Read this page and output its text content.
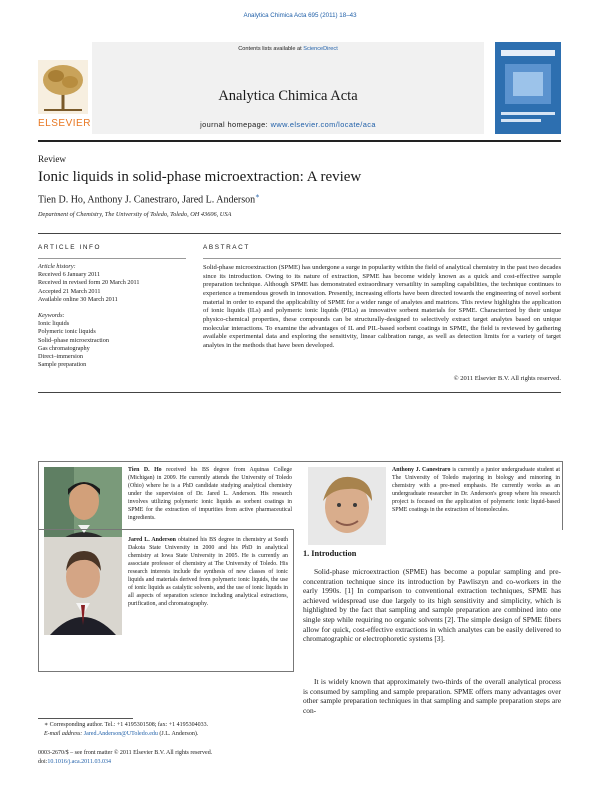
Analytica Chimica Acta 695 (2011) 18–43
Contents lists available at ScienceDirect
Analytica Chimica Acta
journal homepage: www.elsevier.com/locate/aca
ELSEVIER
Review
Ionic liquids in solid-phase microextraction: A review
Tien D. Ho, Anthony J. Canestraro, Jared L. Anderson∗
Department of Chemistry, The University of Toledo, Toledo, OH 43606, USA
ARTICLE INFO
Article history:
Received 6 January 2011
Received in revised form 20 March 2011
Accepted 21 March 2011
Available online 30 March 2011
Keywords:
Ionic liquids
Polymeric ionic liquids
Solid–phase microextraction
Gas chromatography
Direct–immersion
Sample preparation
ABSTRACT
Solid-phase microextraction (SPME) has undergone a surge in popularity within the field of analytical chemistry in the past two decades since its introduction. Owing to its nature of extraction, SPME has become widely known as a quick and cost-effective sample preparation technique. Although SPME has demonstrated extraordinary versatility in sampling capabilities, the technique continues to experience a tremendous growth in innovation. Presently, increasing efforts have been directed towards the engineering of novel sorbent material in order to expand the applicability of SPME for a wider range of analytes and matrices. This review highlights the application of ionic liquids (ILs) and polymeric ionic liquids (PILs) as innovative sorbent materials for SPME. Characterized by their unique physico-chemical properties, these compounds can be structurally-designed to selectively extract target analytes based on unique molecular interactions. To examine the advantages of IL and PIL-based sorbent coatings in SPME, the field is reviewed by gathering available experimental data and exploring the sensitivity, linear calibration range, as well as detection limits for a variety of target analytes in the methods that have been developed.
© 2011 Elsevier B.V. All rights reserved.
Tien D. Ho received his BS degree from Aquinas College (Michigan) in 2009. He currently attends the University of Toledo (Ohio) where he is a PhD candidate studying analytical chemistry under the supervision of Dr. Jared L. Anderson. His research involves utilizing polymeric ionic liquids as sorbent coatings in SPME for the extraction of impurities from active pharmaceutical ingredients.
Anthony J. Canestraro is currently a junior undergraduate student at The University of Toledo majoring in biology and minoring in chemistry with a pre-med emphasis. He currently works as an undergraduate researcher in Dr. Anderson's group where his research project is focused on the application of polymeric ionic liquid-based SPME coatings in the extraction of biomolecules.
Jared L. Anderson obtained his BS degree in chemistry at South Dakota State University in 2000 and his PhD in analytical chemistry at Iowa State University in 2005. He is currently an associate professor of chemistry at The University of Toledo. His research interests include the synthesis of new classes of ionic liquids and materials derived from polymeric ionic liquids, the use of ionic liquids as catalytic solvents, and the use of ionic liquids in all aspects of separation science including analytical extractions, purification, and chromatography.
1. Introduction
Solid-phase microextraction (SPME) has become a popular sampling and pre-concentration technique since its introduction by Pawliszyn and co-workers in the early 1990s. [1] In comparison to conventional extraction techniques, SPME has achieved widespread use due largely to its high sensitivity and simplicity, which is highlighted by the fact that sampling and sample preparation are combined into one single step while requiring no organic solvents [2]. The simple design of SPME fibers allow for quick, cost-effective extractions in which analytes can be easily delivered to chromatographic or electrophoretic systems [3].
It is widely known that approximately two-thirds of the overall analytical process is consumed by sampling and sample preparation. SPME offers many advantages over other sample preparation techniques in that sampling and sample preparation steps are con-
∗ Corresponding author. Tel.: +1 4195301508; fax: +1 4195304033.
E-mail address: Jared.Anderson@UToledo.edu (J.L. Anderson).
0003-2670/$ – see front matter © 2011 Elsevier B.V. All rights reserved.
doi:10.1016/j.aca.2011.03.034
